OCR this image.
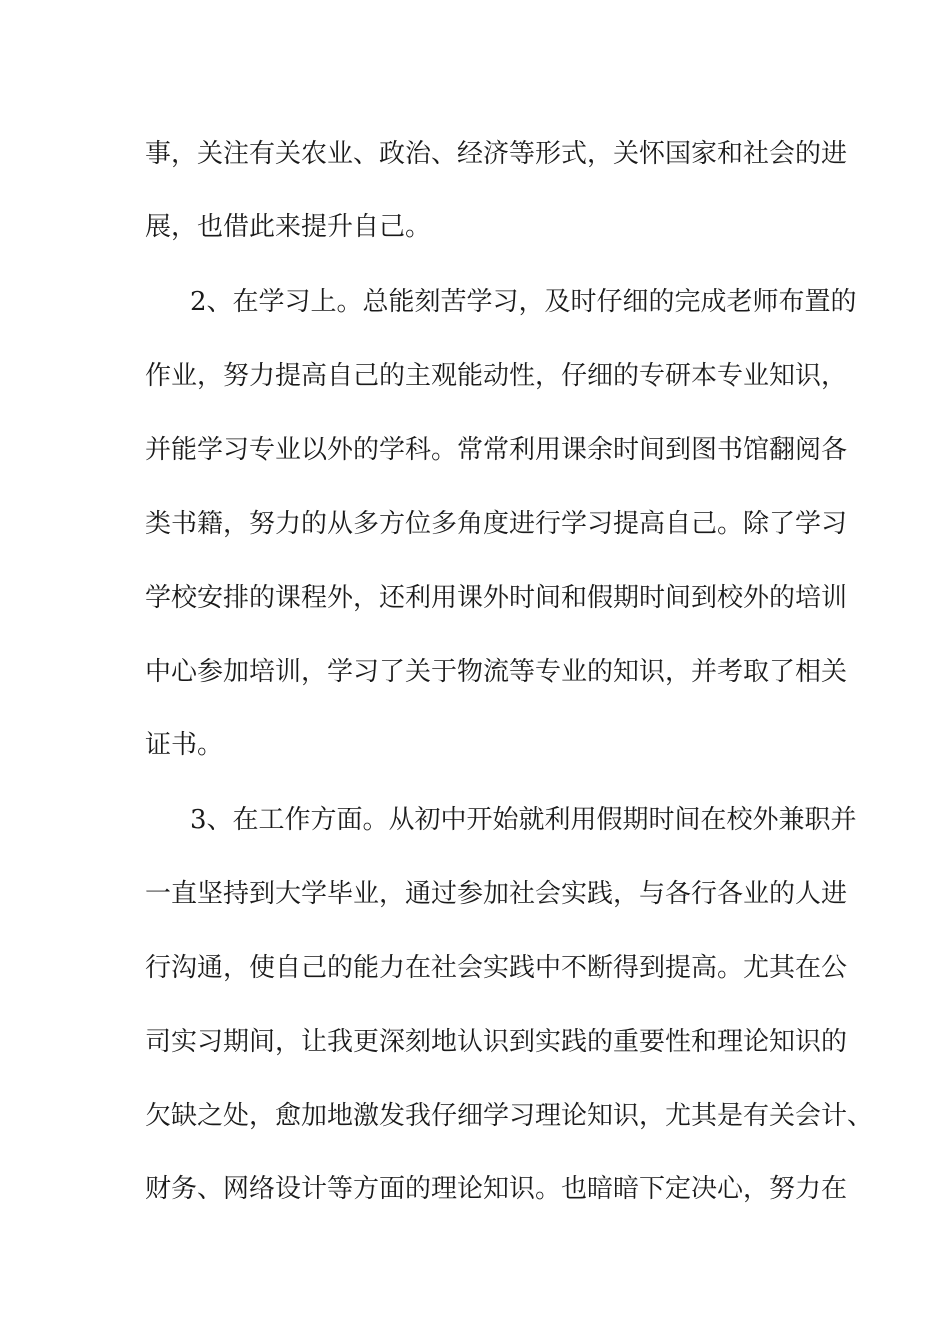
事，关注有关农业、政治、经济等形式，关怀国家和社会的进
展，也借此来提升自己。
2、在学习上。总能刻苦学习，及时仔细的完成老师布置的
作业，努力提高自己的主观能动性，仔细的专研本专业知识，
并能学习专业以外的学科。常常利用课余时间到图书馆翻阅各
类书籍，努力的从多方位多角度进行学习提高自己。除了学习
学校安排的课程外，还利用课外时间和假期时间到校外的培训
中心参加培训，学习了关于物流等专业的知识，并考取了相关
证书。
3、在工作方面。从初中开始就利用假期时间在校外兼职并
一直坚持到大学毕业，通过参加社会实践，与各行各业的人进
行沟通，使自己的能力在社会实践中不断得到提高。尤其在公
司实习期间，让我更深刻地认识到实践的重要性和理论知识的
欠缺之处，愈加地激发我仔细学习理论知识，尤其是有关会计、
财务、网络设计等方面的理论知识。也暗暗下定决心，努力在
